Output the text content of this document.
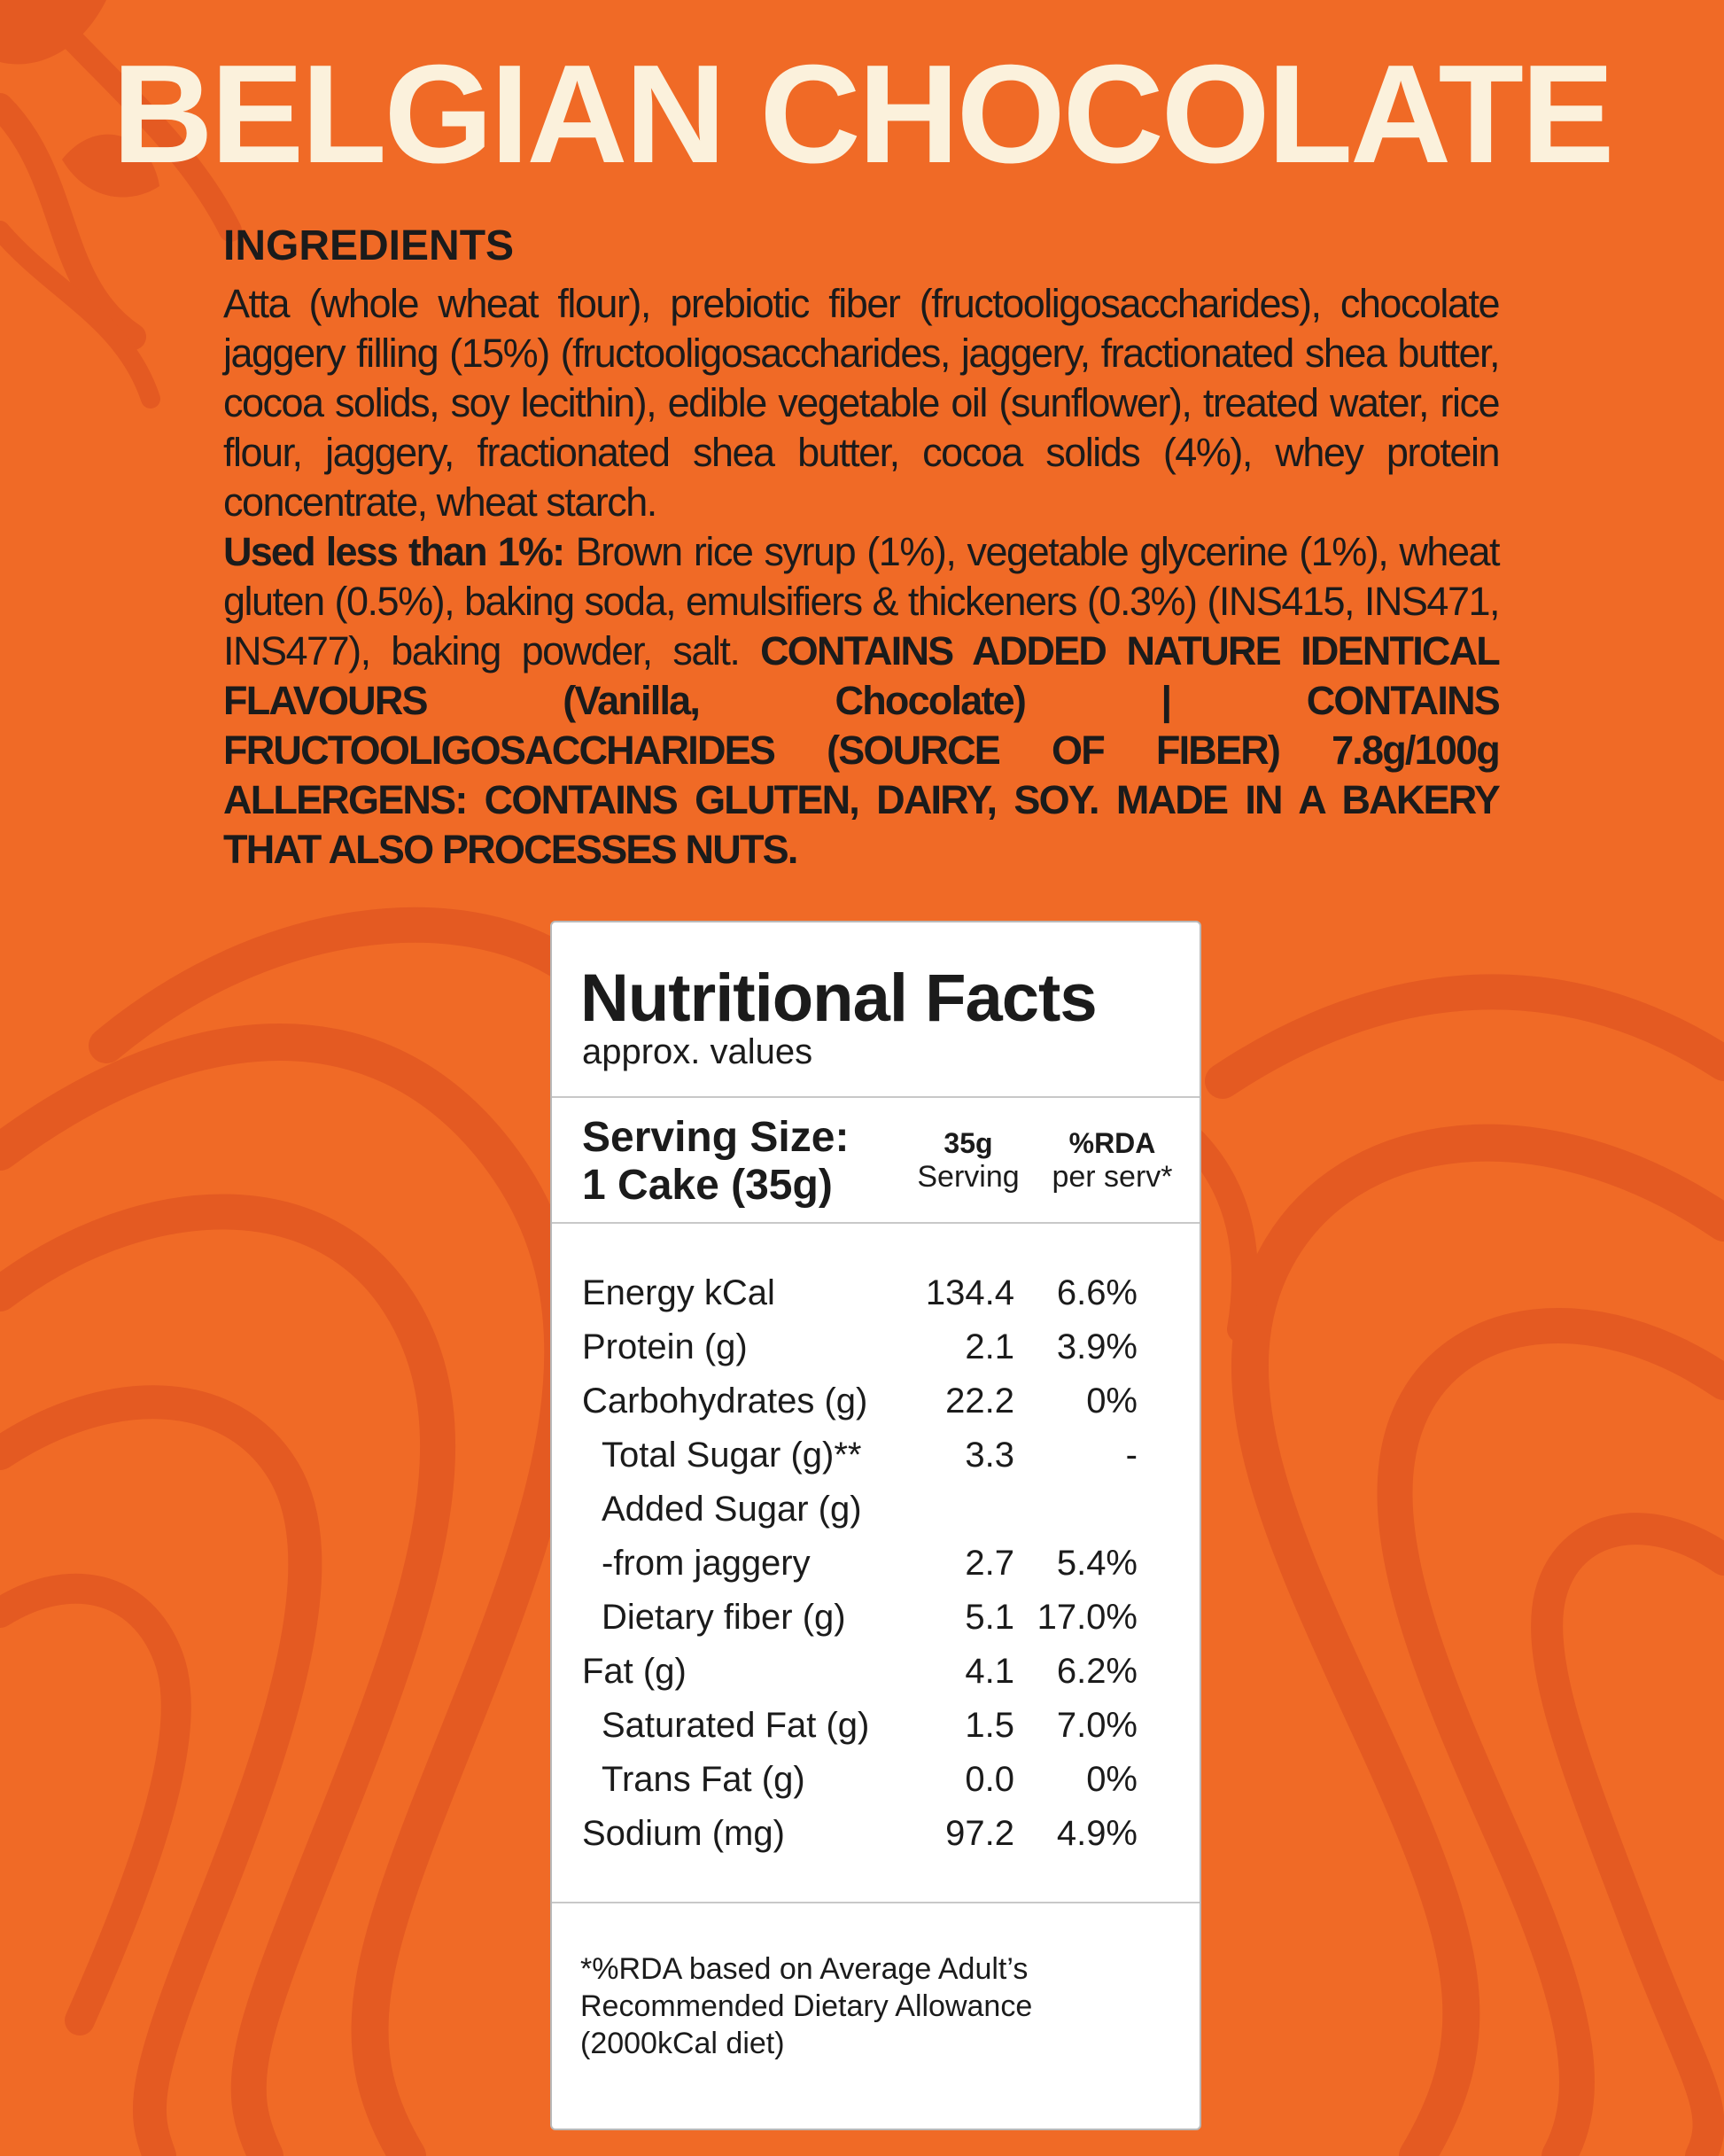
BELGIAN CHOCOLATE
INGREDIENTS

Atta (whole wheat flour), prebiotic fiber (fructooligosaccharides), chocolate jaggery filling (15%) (fructooligosaccharides, jaggery, fractionated shea butter, cocoa solids, soy lecithin), edible vegetable oil (sunflower), treated water, rice flour, jaggery, fractionated shea butter, cocoa solids (4%), whey protein concentrate, wheat starch.
Used less than 1%: Brown rice syrup (1%), vegetable glycerine (1%), wheat gluten (0.5%), baking soda, emulsifiers & thickeners (0.3%) (INS415, INS471, INS477), baking powder, salt. CONTAINS ADDED NATURE IDENTICAL FLAVOURS (Vanilla, Chocolate) | CONTAINS FRUCTOOLIGOSACCHARIDES (SOURCE OF FIBER) 7.8g/100g ALLERGENS: CONTAINS GLUTEN, DAIRY, SOY. MADE IN A BAKERY THAT ALSO PROCESSES NUTS.

Nutritional Facts
approx. values
Serving Size:
1 Cake (35g)
35g
Serving
%RDA
per serv*
Energy kCal	134.4 6.6%
Protein (g)	2.1 3.9%
Carbohydrates (g) 22.2 0%
Total Sugar (g)**	3.3	-
Added Sugar (g)
-from jaggery	2.7 5.4%
Dietary fiber (g)	5.1 17.0%
Fat (g)	4.1 6.2%
Saturated Fat (g)	1.5 7.0%
Trans Fat (g)	0.0 0%
Sodium (mg)	97.2 4.9%
*%RDA based on Average Adult’s
Recommended Dietary Allowance
(2000kCal diet)
